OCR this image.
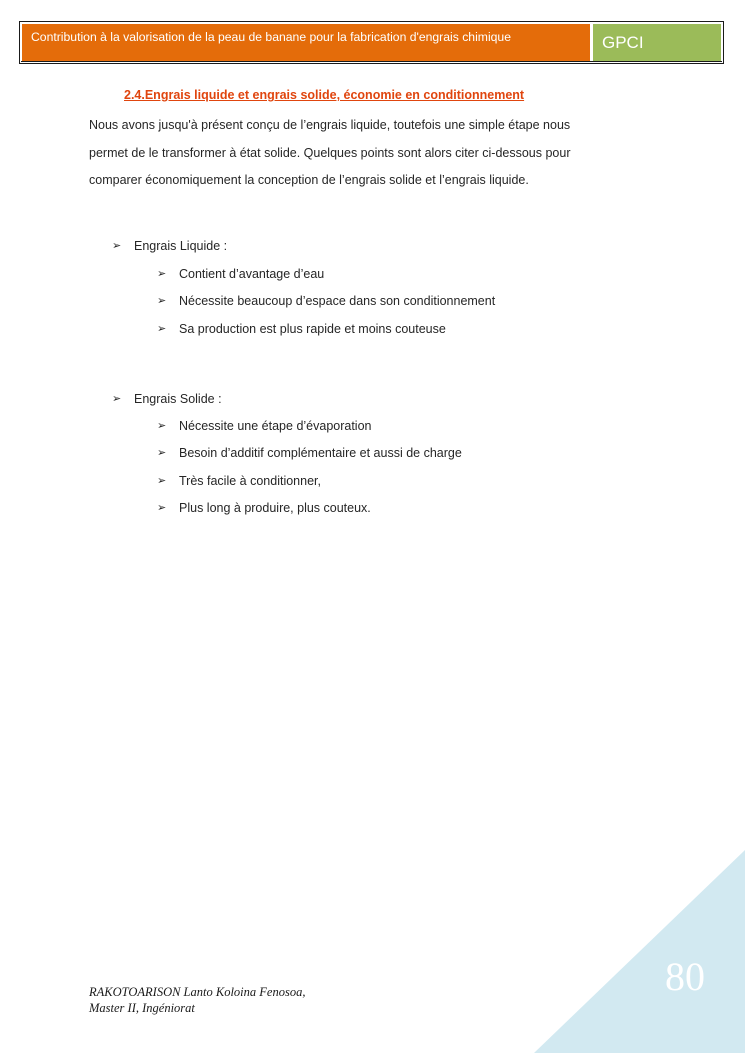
Contribution à la valorisation de la peau de banane pour la fabrication d'engrais chimique	GPCI
2.4.Engrais liquide et engrais solide, économie en conditionnement

Nous avons jusqu'à présent conçu de l’engrais liquide, toutefois une simple étape nous

permet de le transformer à état solide. Quelques points sont alors citer ci-dessous pour

comparer économiquement la conception de l’engrais solide et l’engrais liquide.

➢ Engrais Liquide :
➢ Contient d’avantage d’eau
➢ Nécessite beaucoup d’espace dans son conditionnement
➢ Sa production est plus rapide et moins couteuse
➢ Engrais Solide :
➢ Nécessite une étape d’évaporation
➢ Besoin d’additif complémentaire et aussi de charge
➢ Très facile à conditionner,
➢ Plus long à produire, plus couteux.
RAKOTOARISON Lanto Koloina Fenosoa,
Master II, Ingéniorat
80
